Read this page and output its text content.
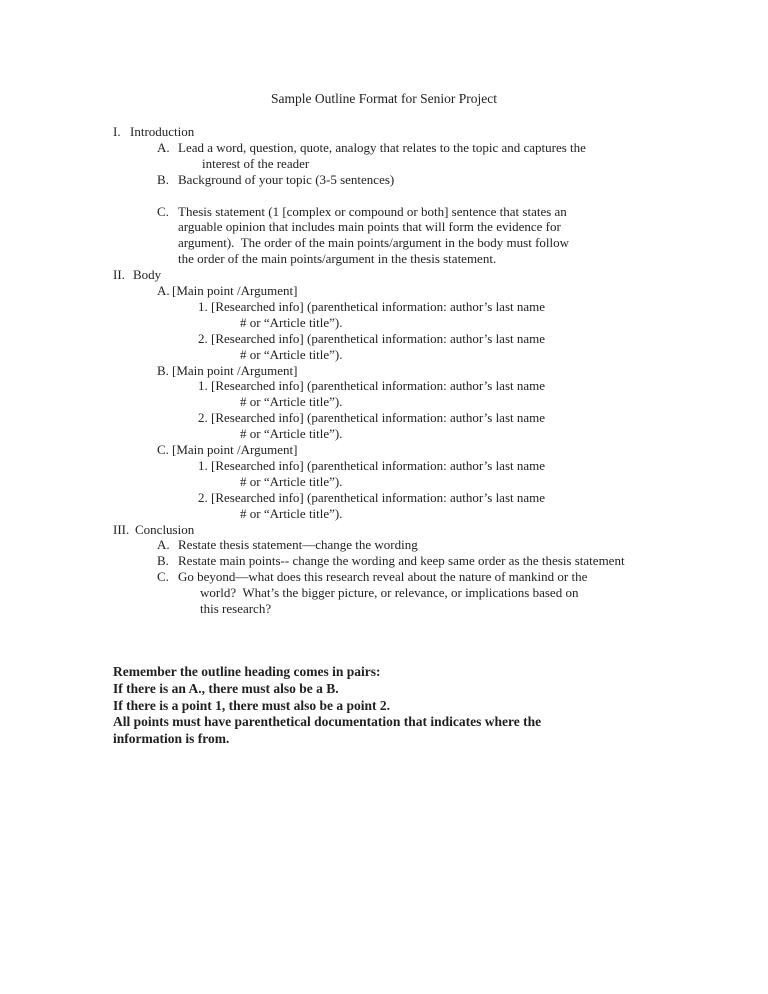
Sample Outline Format for Senior Project
I. Introduction
A. Lead a word, question, quote, analogy that relates to the topic and captures the
interest of the reader
B. Background of your topic (3-5 sentences)
C. Thesis statement (1 [complex or compound or both] sentence that states an
arguable opinion that includes main points that will form the evidence for
argument).  The order of the main points/argument in the body must follow
the order of the main points/argument in the thesis statement.
II. Body
A. [Main point /Argument]
1. [Researched info] (parenthetical information: author’s last name
# or “Article title”).
2. [Researched info] (parenthetical information: author’s last name
# or “Article title”).
B. [Main point /Argument]
1. [Researched info] (parenthetical information: author’s last name
# or “Article title”).
2. [Researched info] (parenthetical information: author’s last name
# or “Article title”).
C. [Main point /Argument]
1. [Researched info] (parenthetical information: author’s last name
# or “Article title”).
2. [Researched info] (parenthetical information: author’s last name
# or “Article title”).
III. Conclusion
A. Restate thesis statement—change the wording
B. Restate main points-- change the wording and keep same order as the thesis statement
C. Go beyond—what does this research reveal about the nature of mankind or the
world?  What’s the bigger picture, or relevance, or implications based on
this research?
Remember the outline heading comes in pairs:
If there is an A., there must also be a B.
If there is a point 1, there must also be a point 2.
All points must have parenthetical documentation that indicates where the
information is from.
